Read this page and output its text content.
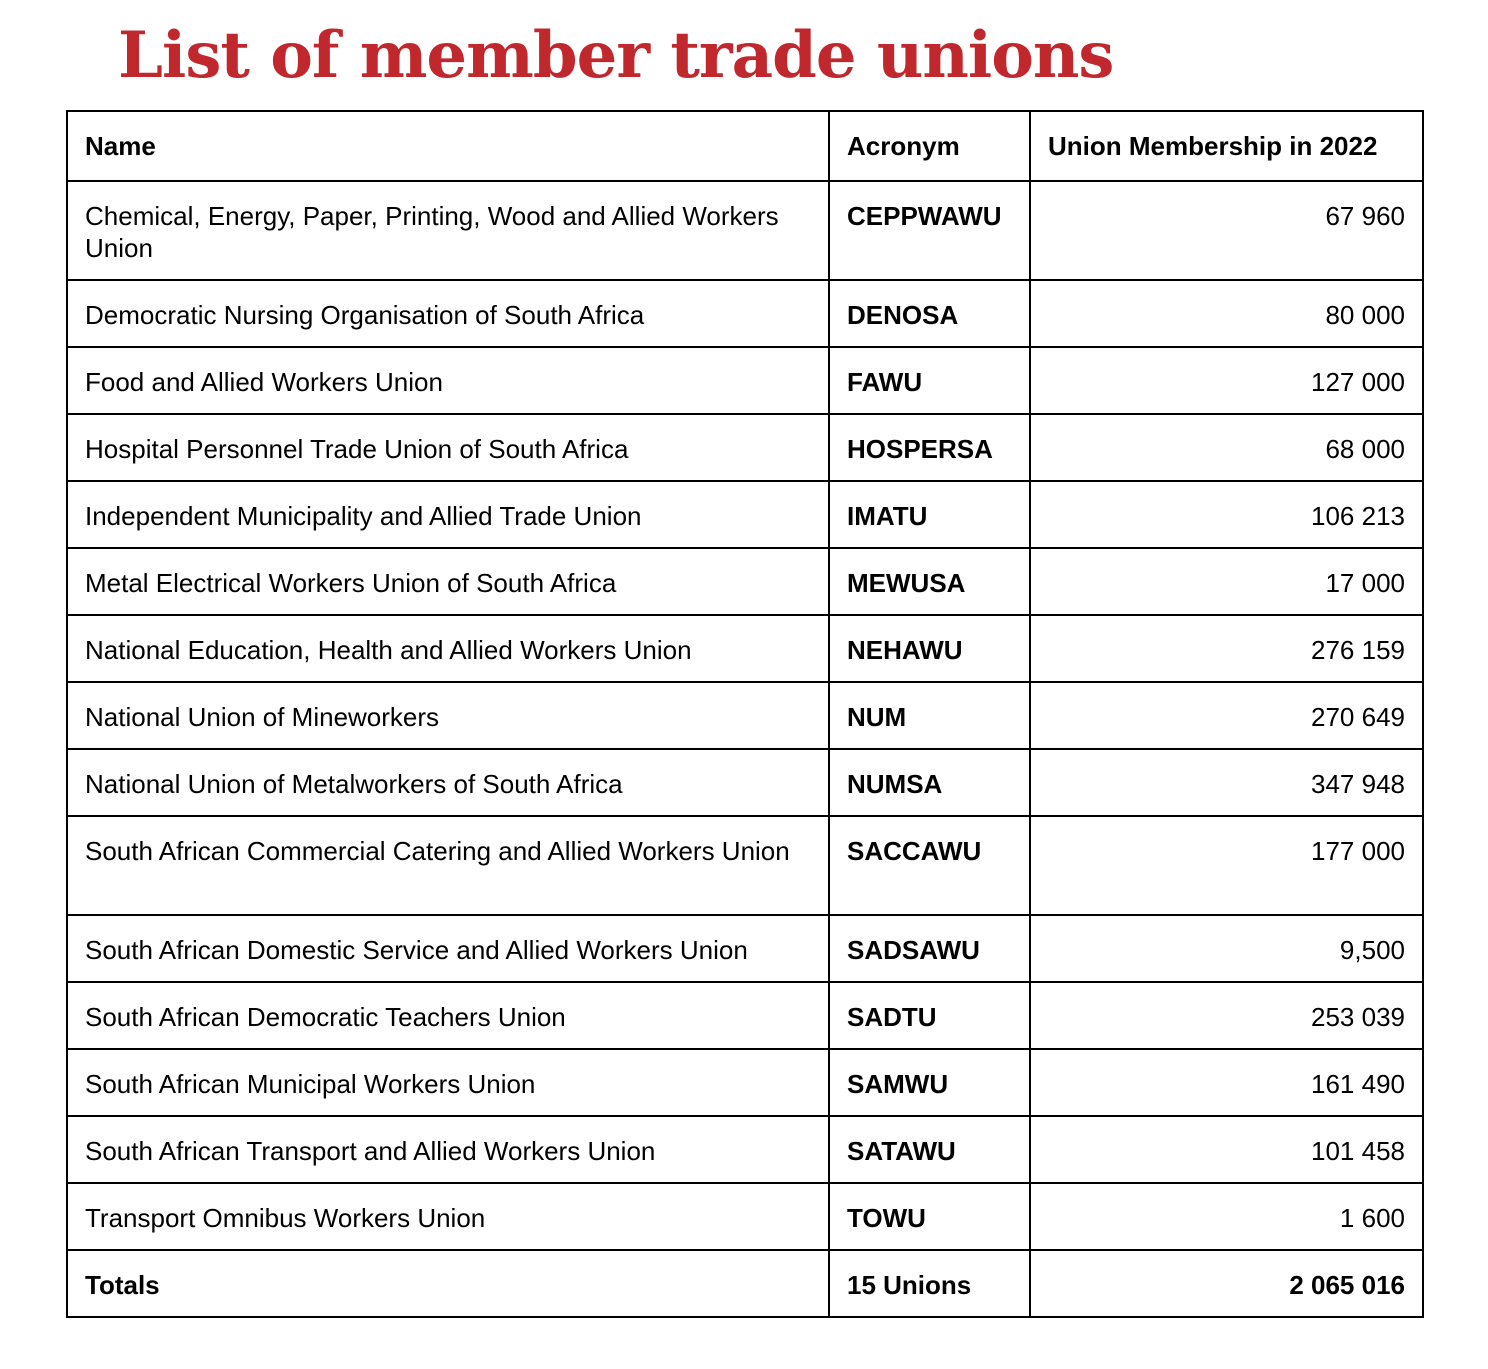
List of member trade unions
Name	Acronym	Union Membership in 2022
Chemical, Energy, Paper, Printing, Wood and Allied Workers Union	CEPPWAWU	67 960
Democratic Nursing Organisation of South Africa	DENOSA	80 000
Food and Allied Workers Union	FAWU	127 000
Hospital Personnel Trade Union of South Africa	HOSPERSA	68 000
Independent Municipality and Allied Trade Union	IMATU	106 213
Metal Electrical Workers Union of South Africa	MEWUSA	17 000
National Education, Health and Allied Workers Union	NEHAWU	276 159
National Union of Mineworkers	NUM	270 649
National Union of Metalworkers of South Africa	NUMSA	347 948
South African Commercial Catering and Allied Workers Union	SACCAWU	177 000
South African Domestic Service and Allied Workers Union	SADSAWU	9,500
South African Democratic Teachers Union	SADTU	253 039
South African Municipal Workers Union	SAMWU	161 490
South African Transport and Allied Workers Union	SATAWU	101 458
Transport Omnibus Workers Union	TOWU	1 600
Totals	15 Unions	2 065 016
